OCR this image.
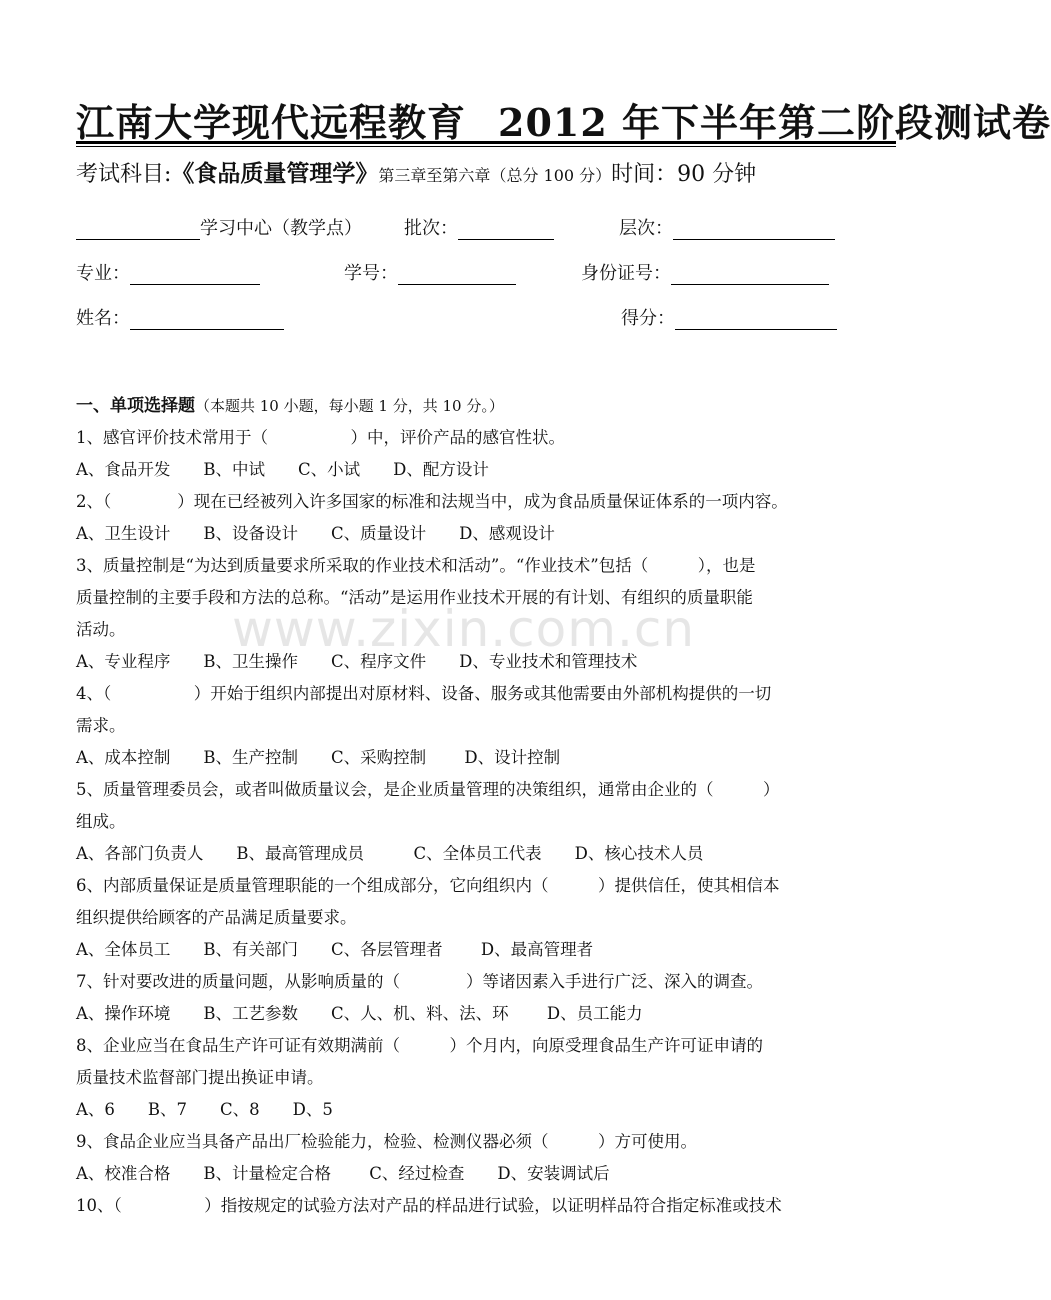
www.zixin.com.cn
江南大学现代远程教育 2012 年下半年第二阶段测试卷
考试科目:《食品质量管理学》第三章至第六章（总分 100 分）时间：90 分钟
学习中心（教学点） 批次：	层次：
专业：	学号：	身份证号：
姓名：	得分：

一、单项选择题（本题共 10 小题，每小题 1 分，共 10 分。）

1、感官评价技术常用于（　　　　　）中，评价产品的感官性状。

A、食品开发　　B、中试　　C、小试　　D、配方设计

2、（　　　　）现在已经被列入许多国家的标准和法规当中，成为食品质量保证体系的一项内容。

A、卫生设计　　B、设备设计　　C、质量设计　　D、感观设计

3、质量控制是“为达到质量要求所采取的作业技术和活动”。“作业技术”包括（　　　），也是

质量控制的主要手段和方法的总称。“活动”是运用作业技术开展的有计划、有组织的质量职能

活动。

A、专业程序　　B、卫生操作　　C、程序文件　　D、专业技术和管理技术

4、（　　　　　）开始于组织内部提出对原材料、设备、服务或其他需要由外部机构提供的一切

需求。

A、成本控制　　B、生产控制　　C、采购控制　　 D、设计控制

5、质量管理委员会，或者叫做质量议会，是企业质量管理的决策组织，通常由企业的（　　　）

组成。

A、各部门负责人　　B、最高管理成员　　　C、全体员工代表　　D、核心技术人员

6、内部质量保证是质量管理职能的一个组成部分，它向组织内（　　　）提供信任，使其相信本

组织提供给顾客的产品满足质量要求。

A、全体员工　　B、有关部门　　C、各层管理者　　 D、最高管理者

7、针对要改进的质量问题，从影响质量的（　　　　）等诸因素入手进行广泛、深入的调查。

A、操作环境　　B、工艺参数　　C、人、机、料、法、环　　 D、员工能力

8、企业应当在食品生产许可证有效期满前（　　　）个月内，向原受理食品生产许可证申请的

质量技术监督部门提出换证申请。

A、6　　B、7　　C、8　　D、5

9、食品企业应当具备产品出厂检验能力，检验、检测仪器必须（　　　）方可使用。

A、校准合格　　B、计量检定合格　　 C、经过检查　　D、安装调试后

10、（　　　　　）指按规定的试验方法对产品的样品进行试验，以证明样品符合指定标准或技术
